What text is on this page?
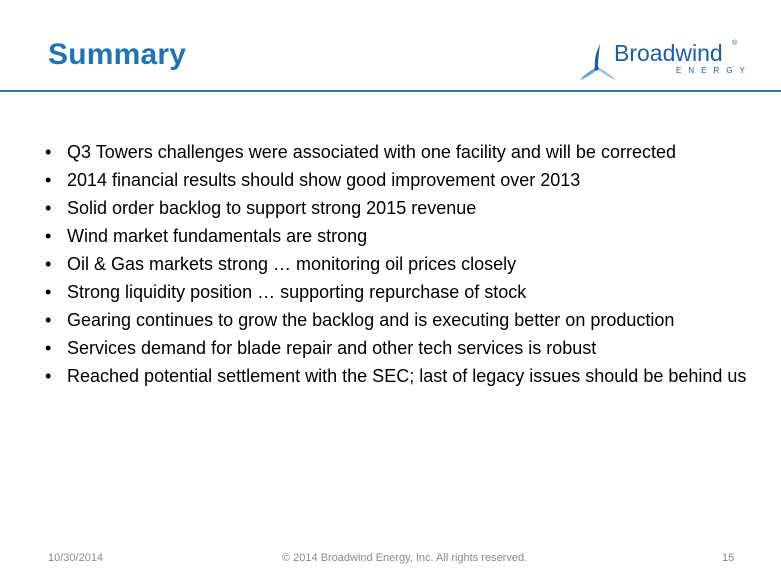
Summary	Broadwind ®
ENERGY
• Q3 Towers challenges were associated with one facility and will be corrected
• 2014 financial results should show good improvement over 2013
• Solid order backlog to support strong 2015 revenue
• Wind market fundamentals are strong
• Oil & Gas markets strong … monitoring oil prices closely
• Strong liquidity position … supporting repurchase of stock
• Gearing continues to grow the backlog and is executing better on production
• Services demand for blade repair and other tech services is robust
• Reached potential settlement with the SEC; last of legacy issues should be behind us
10/30/2014	© 2014 Broadwind Energy, Inc. All rights reserved.	15
